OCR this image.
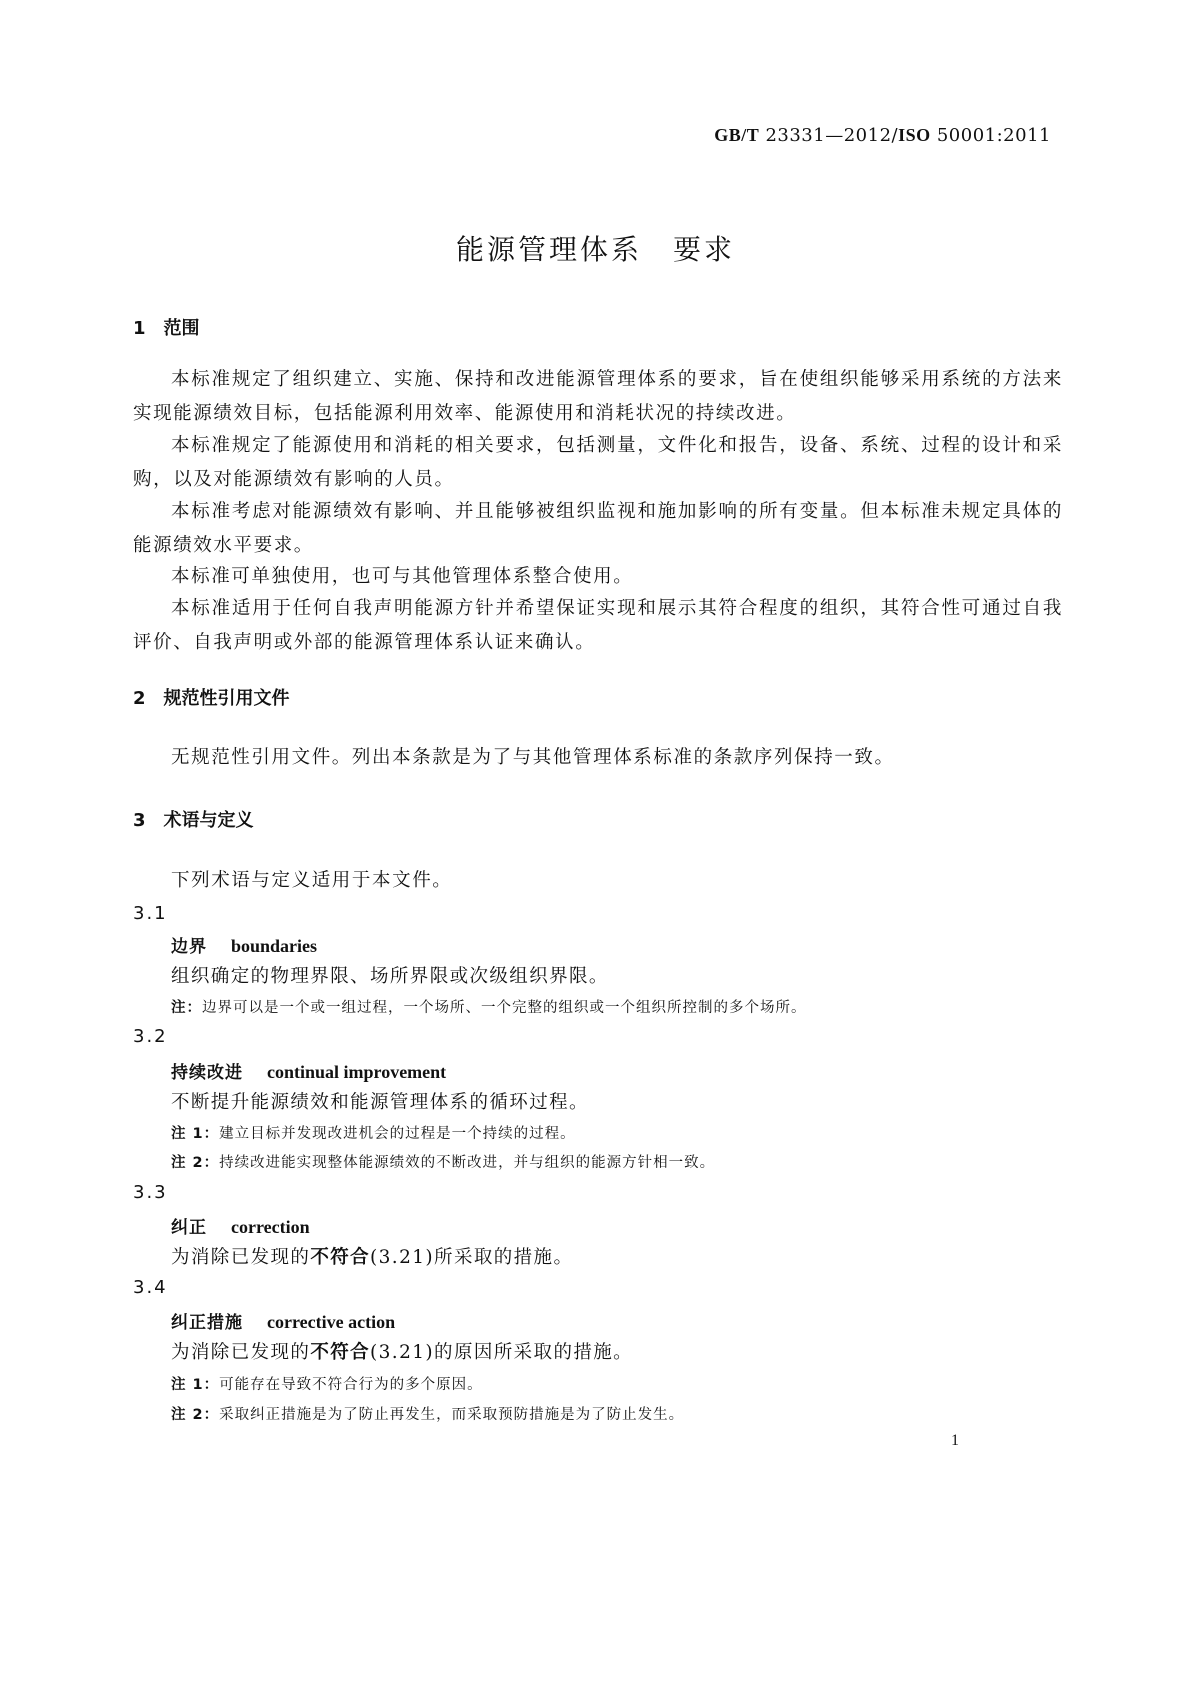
GB/T 23331—2012/ISO 50001:2011
能源管理体系　要求
1　范围
本标准规定了组织建立、实施、保持和改进能源管理体系的要求，旨在使组织能够采用系统的方法来实现能源绩效目标，包括能源利用效率、能源使用和消耗状况的持续改进。
本标准规定了能源使用和消耗的相关要求，包括测量，文件化和报告，设备、系统、过程的设计和采购，以及对能源绩效有影响的人员。
本标准考虑对能源绩效有影响、并且能够被组织监视和施加影响的所有变量。但本标准未规定具体的能源绩效水平要求。
本标准可单独使用，也可与其他管理体系整合使用。
本标准适用于任何自我声明能源方针并希望保证实现和展示其符合程度的组织，其符合性可通过自我评价、自我声明或外部的能源管理体系认证来确认。
2　规范性引用文件
无规范性引用文件。列出本条款是为了与其他管理体系标准的条款序列保持一致。
3　术语与定义
下列术语与定义适用于本文件。
3.1
边界 boundaries
组织确定的物理界限、场所界限或次级组织界限。
注：边界可以是一个或一组过程，一个场所、一个完整的组织或一个组织所控制的多个场所。
3.2
持续改进 continual improvement
不断提升能源绩效和能源管理体系的循环过程。
注 1：建立目标并发现改进机会的过程是一个持续的过程。
注 2：持续改进能实现整体能源绩效的不断改进，并与组织的能源方针相一致。
3.3
纠正 correction
为消除已发现的不符合(3.21)所采取的措施。
3.4
纠正措施 corrective action
为消除已发现的不符合(3.21)的原因所采取的措施。
注 1：可能存在导致不符合行为的多个原因。
注 2：采取纠正措施是为了防止再发生，而采取预防措施是为了防止发生。
1
